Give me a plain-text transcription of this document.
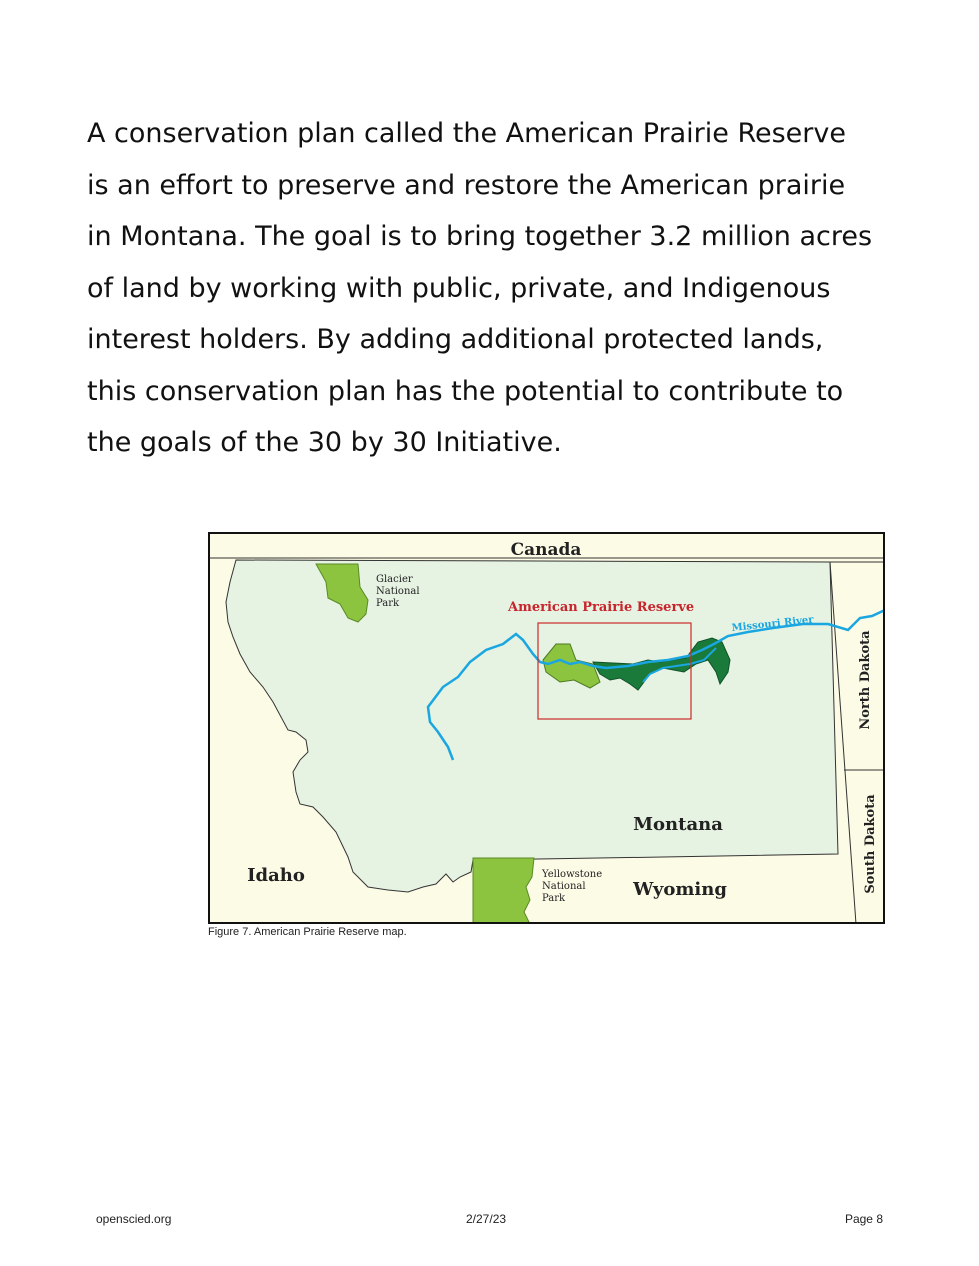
A conservation plan called the American Prairie Reserve
is an effort to preserve and restore the American prairie
in Montana. The goal is to bring together 3.2 million acres
of land by working with public, private, and Indigenous
interest holders. By adding additional protected lands,
this conservation plan has the potential to contribute to
the goals of the 30 by 30 Initiative.
Canada
Glacier National Park	American Prairie Reserve
Missouri River
North Dakota
South Dakota
Montana
Idaho
Wyoming
Yellowstone National Park
Figure 7. American Prairie Reserve map.
openscied.org	2/27/23	Page 8
